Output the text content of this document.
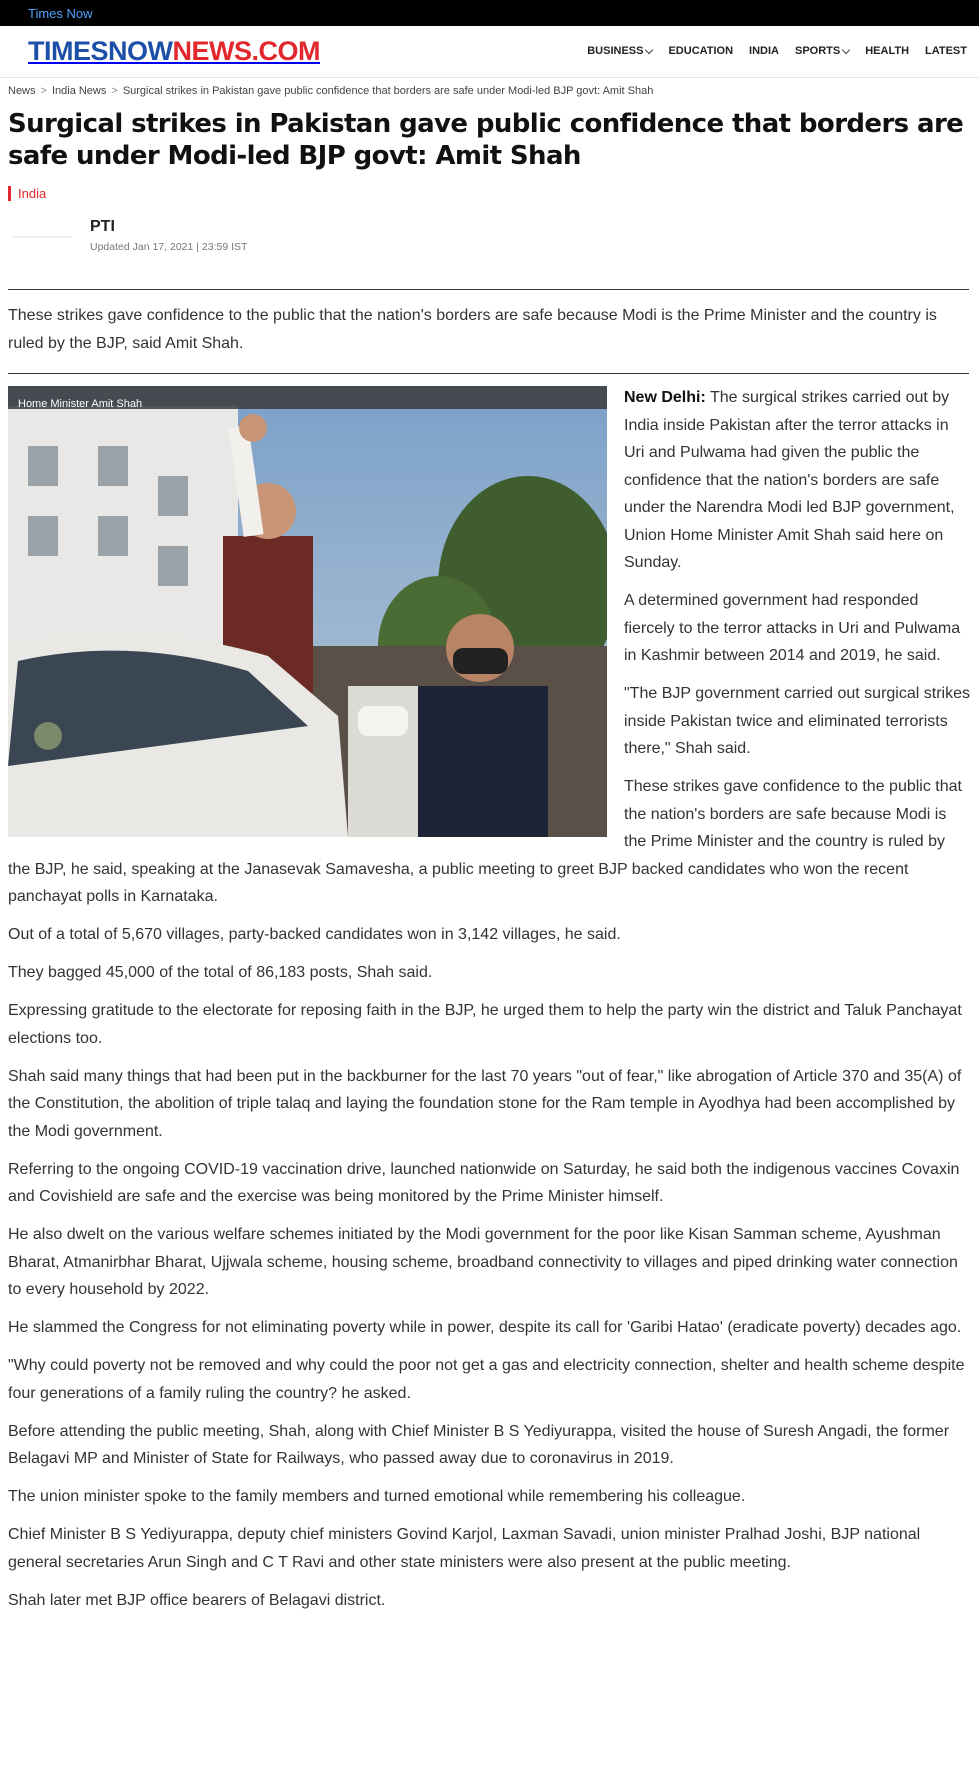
Times Now
TIMESNOWNEWS.COM	BUSINESS EDUCATION INDIA SPORTS HEALTH LATEST
News > India News > Surgical strikes in Pakistan gave public confidence that borders are safe under Modi-led BJP govt: Amit Shah
Surgical strikes in Pakistan gave public confidence that borders are safe under Modi-led BJP govt: Amit Shah
India
PTI
Updated Jan 17, 2021 | 23:59 IST

These strikes gave confidence to the public that the nation's borders are safe because Modi is the Prime Minister and the country is ruled by the BJP, said Amit Shah.

Home Minister Amit Shah	New Delhi: The surgical strikes carried out by India inside Pakistan after the terror attacks in Uri and Pulwama had given the public the confidence that the nation's borders are safe under the Narendra Modi led BJP government, Union Home Minister Amit Shah said here on Sunday.

A determined government had responded fiercely to the terror attacks in Uri and Pulwama in Kashmir between 2014 and 2019, he said.

"The BJP government carried out surgical strikes inside Pakistan twice and eliminated terrorists there," Shah said.

These strikes gave confidence to the public that the nation's borders are safe because Modi is the Prime Minister and the country is ruled by the BJP, he said, speaking at the Janasevak Samavesha, a public meeting to greet BJP backed candidates who won the recent panchayat polls in Karnataka.

Out of a total of 5,670 villages, party-backed candidates won in 3,142 villages, he said.

They bagged 45,000 of the total of 86,183 posts, Shah said.

Expressing gratitude to the electorate for reposing faith in the BJP, he urged them to help the party win the district and Taluk Panchayat elections too.

Shah said many things that had been put in the backburner for the last 70 years "out of fear," like abrogation of Article 370 and 35(A) of the Constitution, the abolition of triple talaq and laying the foundation stone for the Ram temple in Ayodhya had been accomplished by the Modi government.

Referring to the ongoing COVID-19 vaccination drive, launched nationwide on Saturday, he said both the indigenous vaccines Covaxin and Covishield are safe and the exercise was being monitored by the Prime Minister himself.

He also dwelt on the various welfare schemes initiated by the Modi government for the poor like Kisan Samman scheme, Ayushman Bharat, Atmanirbhar Bharat, Ujjwala scheme, housing scheme, broadband connectivity to villages and piped drinking water connection to every household by 2022.

He slammed the Congress for not eliminating poverty while in power, despite its call for 'Garibi Hatao' (eradicate poverty) decades ago.

"Why could poverty not be removed and why could the poor not get a gas and electricity connection, shelter and health scheme despite four generations of a family ruling the country? he asked.

Before attending the public meeting, Shah, along with Chief Minister B S Yediyurappa, visited the house of Suresh Angadi, the former Belagavi MP and Minister of State for Railways, who passed away due to coronavirus in 2019.

The union minister spoke to the family members and turned emotional while remembering his colleague.

Chief Minister B S Yediyurappa, deputy chief ministers Govind Karjol, Laxman Savadi, union minister Pralhad Joshi, BJP national general secretaries Arun Singh and C T Ravi and other state ministers were also present at the public meeting.

Shah later met BJP office bearers of Belagavi district.
